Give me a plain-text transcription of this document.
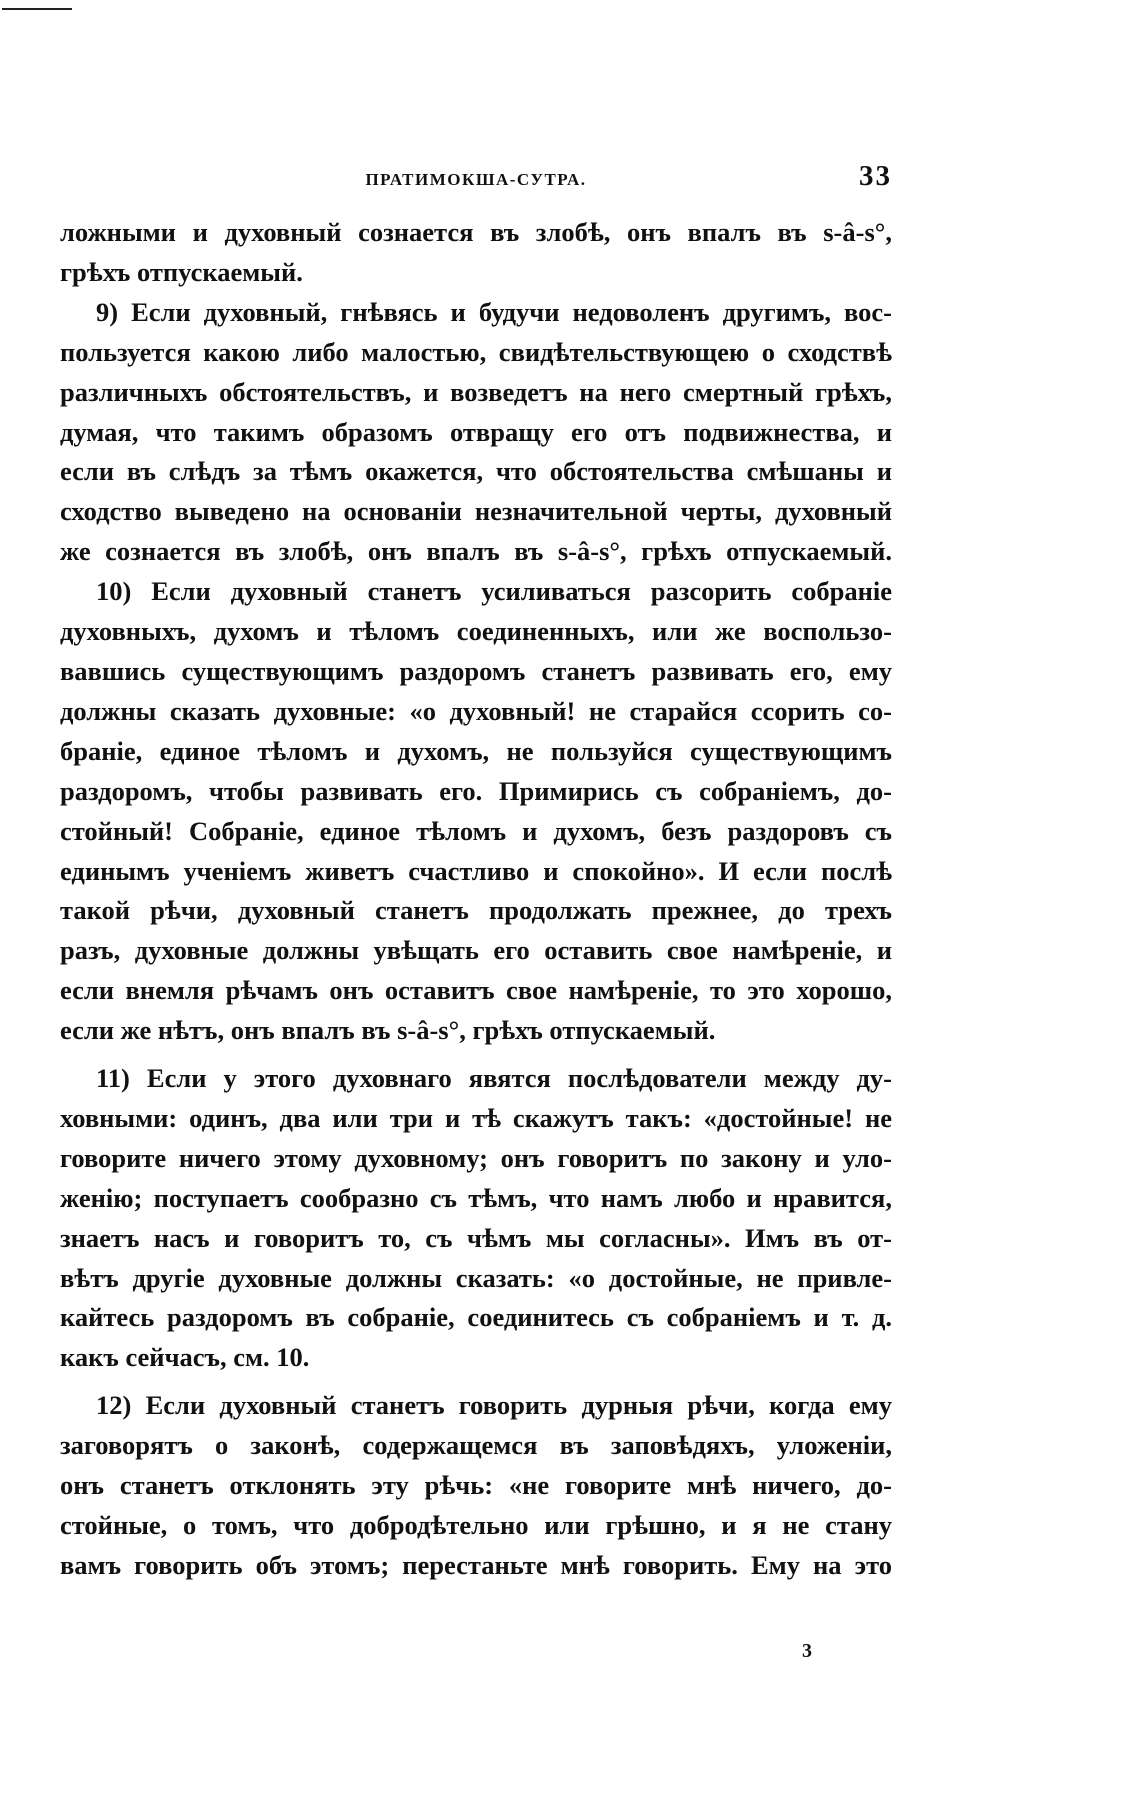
ПРАТИМОКША-СУТРА.	33
ложными и духовный сознается въ злобѣ, онъ впалъ въ s-â-s°,
грѣхъ отпускаемый.
9) Если духовный, гнѣвясь и будучи недоволенъ другимъ, вос-
пользуется какою либо малостью, свидѣтельствующею о сходствѣ
различныхъ обстоятельствъ, и возведетъ на него смертный грѣхъ,
думая, что такимъ образомъ отвращу его отъ подвижнества, и
если въ слѣдъ за тѣмъ окажется, что обстоятельства смѣшаны и
сходство выведено на основаніи незначительной черты, духовный
же сознается въ злобѣ, онъ впалъ въ s-â-s°, грѣхъ отпускаемый.
10) Если духовный станетъ усиливаться разсорить собраніе
духовныхъ, духомъ и тѣломъ соединенныхъ, или же воспользо-
вавшись существующимъ раздоромъ станетъ развивать его, ему
должны сказать духовные: «о духовный! не старайся ссорить со-
браніе, единое тѣломъ и духомъ, не пользуйся существующимъ
раздоромъ, чтобы развивать его. Примирись съ собраніемъ, до-
стойный! Собраніе, единое тѣломъ и духомъ, безъ раздоровъ съ
единымъ ученіемъ живетъ счастливо и спокойно». И если послѣ
такой рѣчи, духовный станетъ продолжать прежнее, до трехъ
разъ, духовные должны увѣщать его оставить свое намѣреніе, и
если внемля рѣчамъ онъ оставитъ свое намѣреніе, то это хорошо,
если же нѣтъ, онъ впалъ въ s-â-s°, грѣхъ отпускаемый.
11) Если у этого духовнаго явятся послѣдователи между ду-
ховными: одинъ, два или три и тѣ скажутъ такъ: «достойные! не
говорите ничего этому духовному; онъ говоритъ по закону и уло-
женію; поступаетъ сообразно съ тѣмъ, что намъ любо и нравится,
знаетъ насъ и говоритъ то, съ чѣмъ мы согласны». Имъ въ от-
вѣтъ другіе духовные должны сказать: «о достойные, не привле-
кайтесь раздоромъ въ собраніе, соединитесь съ собраніемъ и т. д.
какъ сейчасъ, см. 10.
12) Если духовный станетъ говорить дурныя рѣчи, когда ему
заговорятъ о законѣ, содержащемся въ заповѣдяхъ, уложеніи,
онъ станетъ отклонять эту рѣчь: «не говорите мнѣ ничего, до-
стойные, о томъ, что добродѣтельно или грѣшно, и я не стану
вамъ говорить объ этомъ; перестаньте мнѣ говорить. Ему на это
3
